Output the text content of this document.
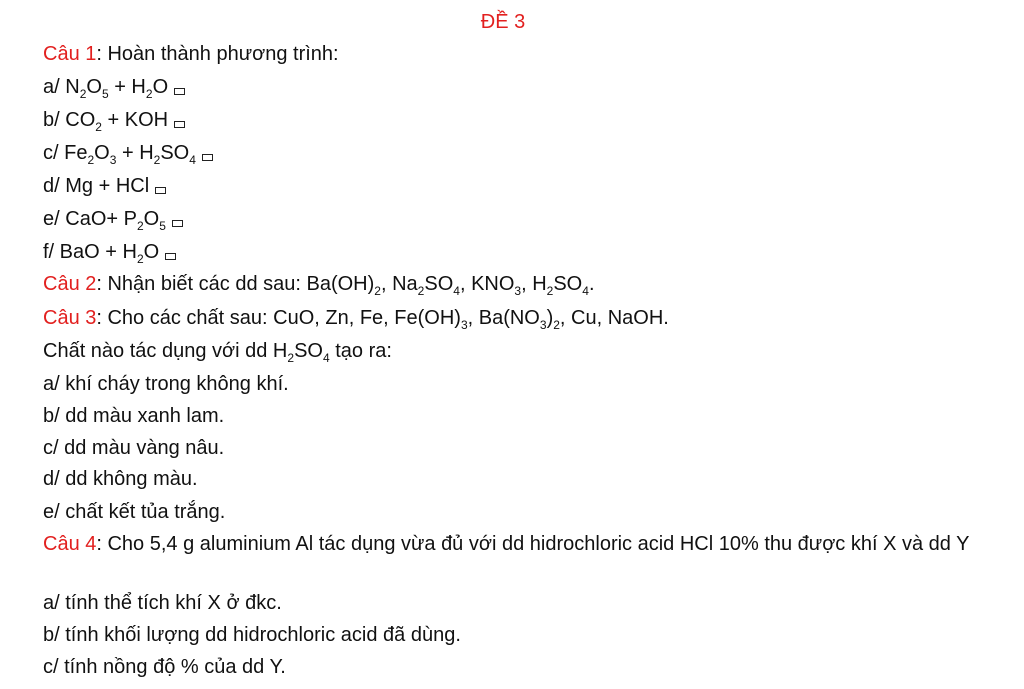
ĐỀ 3
Câu 1: Hoàn thành phương trình:
a/ $N_2O_5 + H_2O$
b/ $CO_2$ + KOH
c/ $Fe_2O_3 + H_2SO_4$
d/ Mg + HCl
e/ $CaO+ P_2O_5$
f/ BaO + $H_2O$
Câu 2: Nhận biết các dd sau: $Ba(OH)_2$, $Na_2SO_4$, $KNO_3$, $H_2SO_4$.
Câu 3: Cho các chất sau: CuO, Zn, Fe, $Fe(OH)_3$, $Ba(NO_3)_2$, Cu, NaOH.
Chất nào tác dụng với dd $H_2SO_4$ tạo ra:
a/ khí cháy trong không khí.
b/ dd màu xanh lam.
c/ dd màu vàng nâu.
d/ dd không màu.
e/ chất kết tủa trắng.
Câu 4: Cho 5,4 g aluminium Al tác dụng vừa đủ với dd hidrochloric acid HCl 10% thu được khí X và dd Y
a/ tính thể tích khí X ở đkc.
b/ tính khối lượng dd hidrochloric acid đã dùng.
c/ tính nồng độ % của dd Y.
